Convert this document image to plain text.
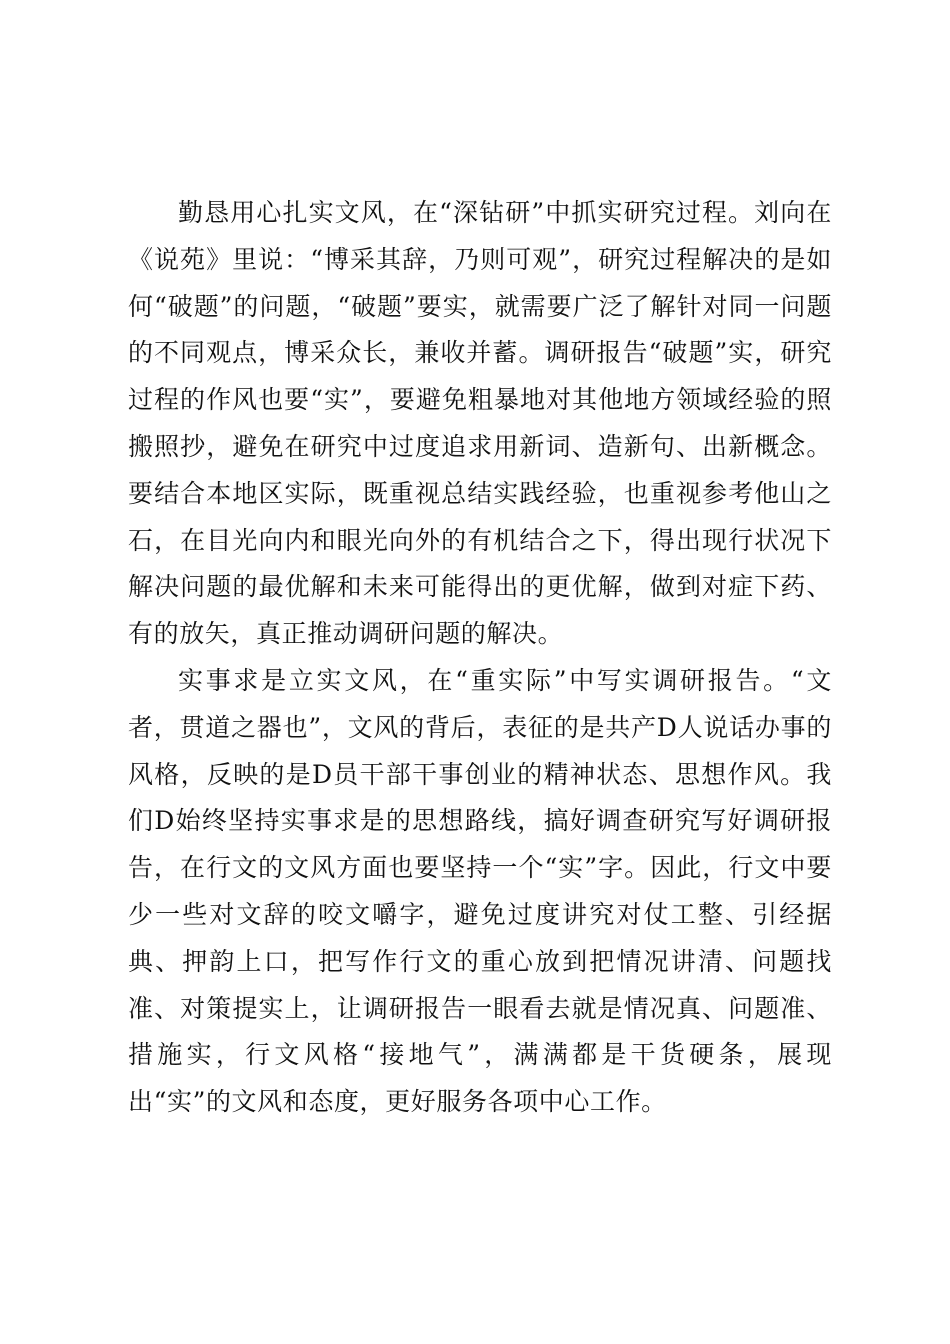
勤恳用心扎实文风，在“深钻研”中抓实研究过程。刘向在《说苑》里说：“博采其辞，乃则可观”，研究过程解决的是如何“破题”的问题，“破题”要实，就需要广泛了解针对同一问题的不同观点，博采众长，兼收并蓄。调研报告“破题”实，研究过程的作风也要“实”，要避免粗暴地对其他地方领域经验的照搬照抄，避免在研究中过度追求用新词、造新句、出新概念。要结合本地区实际，既重视总结实践经验，也重视参考他山之石，在目光向内和眼光向外的有机结合之下，得出现行状况下解决问题的最优解和未来可能得出的更优解，做到对症下药、有的放矢，真正推动调研问题的解决。

实事求是立实文风，在“重实际”中写实调研报告。“文者，贯道之器也”，文风的背后，表征的是共产D人说话办事的风格，反映的是D员干部干事创业的精神状态、思想作风。我们D始终坚持实事求是的思想路线，搞好调查研究写好调研报告，在行文的文风方面也要坚持一个“实”字。因此，行文中要少一些对文辞的咬文嚼字，避免过度讲究对仗工整、引经据典、押韵上口，把写作行文的重心放到把情况讲清、问题找准、对策提实上，让调研报告一眼看去就是情况真、问题准、措施实，行文风格“接地气”，满满都是干货硬条，展现出“实”的文风和态度，更好服务各项中心工作。
